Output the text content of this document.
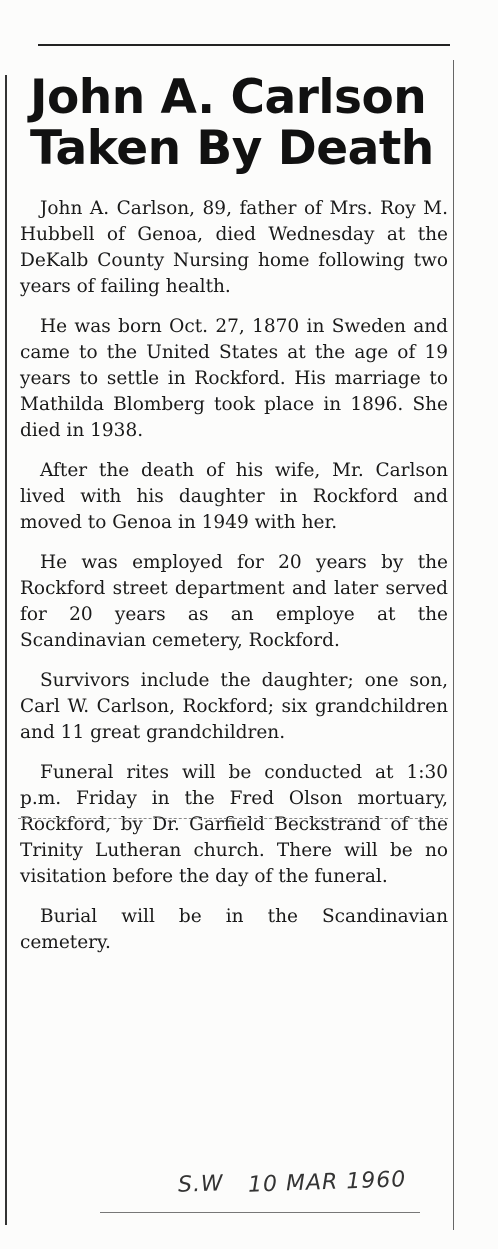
John A. Carlson
Taken By Death

John A. Carlson, 89, father of Mrs. Roy M. Hubbell of Genoa, died Wednesday at the DeKalb County Nursing home following two years of failing health.

He was born Oct. 27, 1870 in Sweden and came to the United States at the age of 19 years to settle in Rockford. His marriage to Mathilda Blomberg took place in 1896. She died in 1938.

After the death of his wife, Mr. Carlson lived with his daughter in Rockford and moved to Genoa in 1949 with her.

He was employed for 20 years by the Rockford street department and later served for 20 years as an employe at the Scandinavian cemetery, Rockford.

Survivors include the daughter; one son, Carl W. Carlson, Rockford; six grandchildren and 11 great grandchildren.

Funeral rites will be conducted at 1:30 p.m. Friday in the Fred Olson mortuary, Rockford, by Dr. Garfield Beckstrand of the Trinity Lutheran church. There will be no visitation before the day of the funeral.

Burial will be in the Scandinavian cemetery.

S.W 10 MAR 1960
